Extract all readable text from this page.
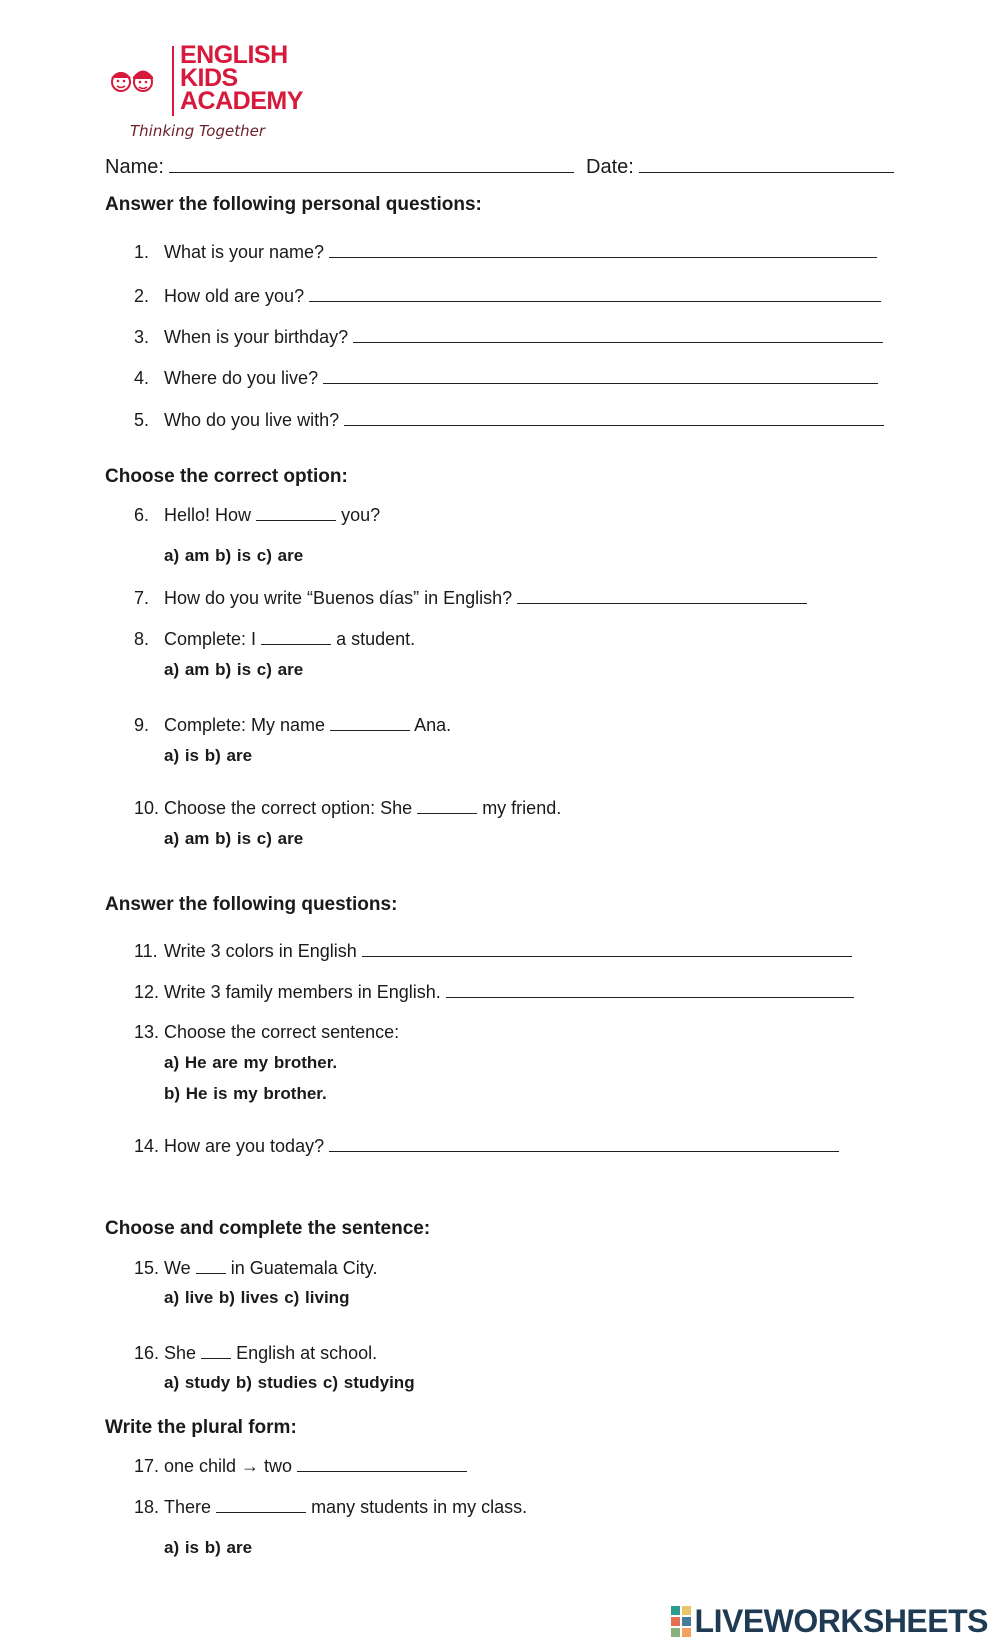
ENGLISH
KIDS
ACADEMY
Thinking Together
Name:	Date:
Answer the following personal questions:
1. What is your name?
2. How old are you?
3. When is your birthday?
4. Where do you live?
5. Who do you live with?
Choose the correct option:
6. Hello! How	you?
a) am b) is c) are
7. How do you write “Buenos días” in English?
8. Complete: I	a student.
a) am b) is c) are
9. Complete: My name	Ana.
a) is b) are
10. Choose the correct option: She	my friend.
a) am b) is c) are
Answer the following questions:
11. Write 3 colors in English
12. Write 3 family members in English.
13. Choose the correct sentence:
a) He are my brother.
b) He is my brother.
14. How are you today?
Choose and complete the sentence:
15. We in Guatemala City.
a) live b) lives c) living
16. She English at school.
a) study b) studies c) studying
Write the plural form:
17. one child → two
18. There	many students in my class.
a) is b) are
LIVEWORKSHEETS
